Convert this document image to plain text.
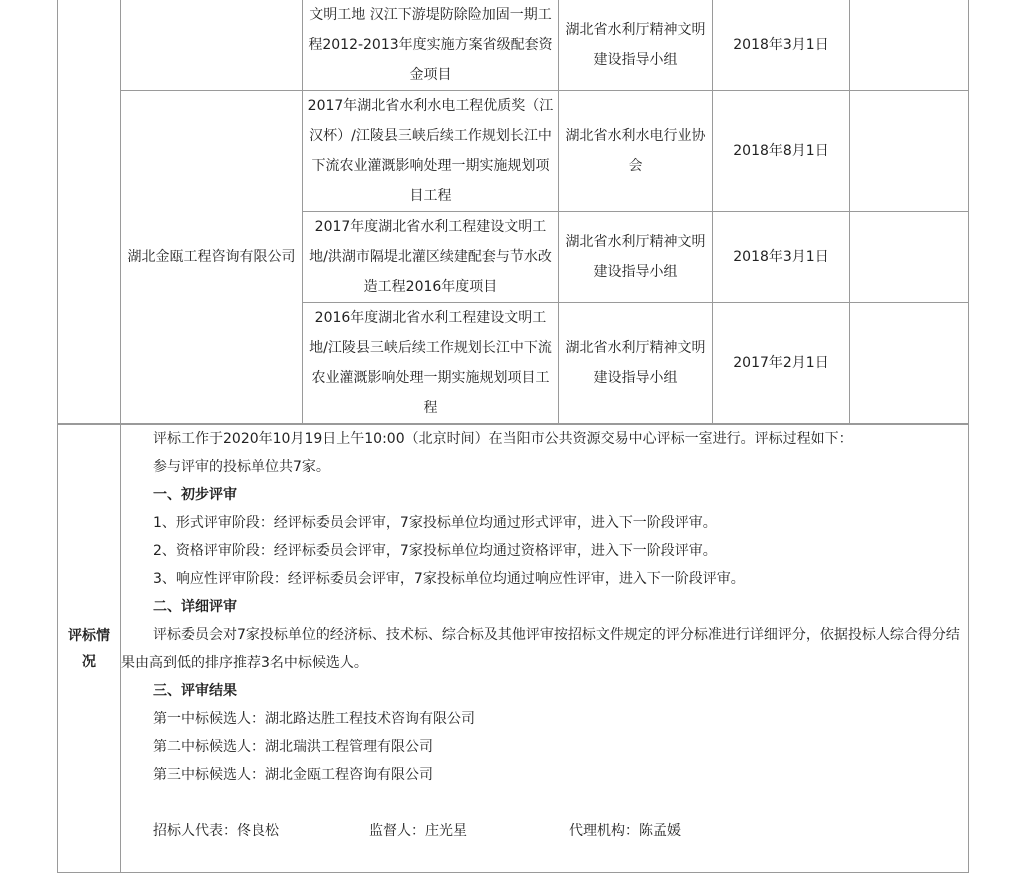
文明工地 汉江下游堤防除险加固一期工程2012-2013年度实施方案省级配套资金项目
湖北省水利厅精神文明建设指导小组
2018年3月1日
湖北金瓯工程咨询有限公司
2017年湖北省水利水电工程优质奖（江汉杯）/江陵县三峡后续工作规划长江中下流农业灌溉影响处理一期实施规划项目工程
湖北省水利水电行业协会
2018年8月1日
2017年度湖北省水利工程建设文明工地/洪湖市隔堤北灌区续建配套与节水改造工程2016年度项目
湖北省水利厅精神文明建设指导小组
2018年3月1日
2016年度湖北省水利工程建设文明工地/江陵县三峡后续工作规划长江中下流农业灌溉影响处理一期实施规划项目工程
湖北省水利厅精神文明建设指导小组
2017年2月1日
评标情况
评标工作于2020年10月19日上午10:00（北京时间）在当阳市公共资源交易中心评标一室进行。评标过程如下：
参与评审的投标单位共7家。
一、初步评审
1、形式评审阶段：经评标委员会评审，7家投标单位均通过形式评审，进入下一阶段评审。
2、资格评审阶段：经评标委员会评审，7家投标单位均通过资格评审，进入下一阶段评审。
3、响应性评审阶段：经评标委员会评审，7家投标单位均通过响应性评审，进入下一阶段评审。
二、详细评审
评标委员会对7家投标单位的经济标、技术标、综合标及其他评审按招标文件规定的评分标准进行详细评分，依据投标人综合得分结果由高到低的排序推荐3名中标候选人。
三、评审结果
第一中标候选人：湖北路达胜工程技术咨询有限公司
第二中标候选人：湖北瑞洪工程管理有限公司
第三中标候选人：湖北金瓯工程咨询有限公司
招标人代表：佟良松	监督人：庄光星	代理机构：陈孟媛
